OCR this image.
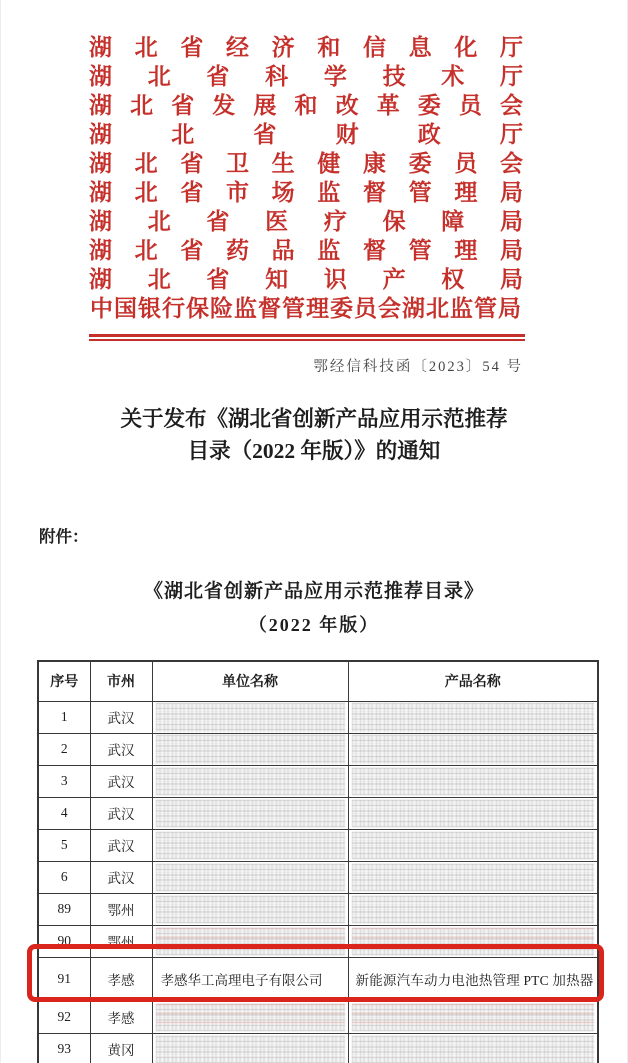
湖北省经济和信息化厅
湖北省科学技术厅
湖北省发展和改革委员会
湖北省财政厅
湖北省卫生健康委员会
湖北省市场监督管理局
湖北省医疗保障局
湖北省药品监督管理局
湖北省知识产权局
中国银行保险监督管理委员会湖北监管局
鄂经信科技函〔2023〕54 号
关于发布《湖北省创新产品应用示范推荐
目录（2022 年版）》的通知
附件：
《湖北省创新产品应用示范推荐目录》
（2022 年版）
序号	市州	单位名称	产品名称
1	武汉	

2	武汉	

3	武汉	

4	武汉	

5	武汉	

6	武汉	

89	鄂州	

90	鄂州	

91	孝感	孝感华工高理电子有限公司	新能源汽车动力电池热管理 PTC 加热器
92	孝感	

93	黄冈	
